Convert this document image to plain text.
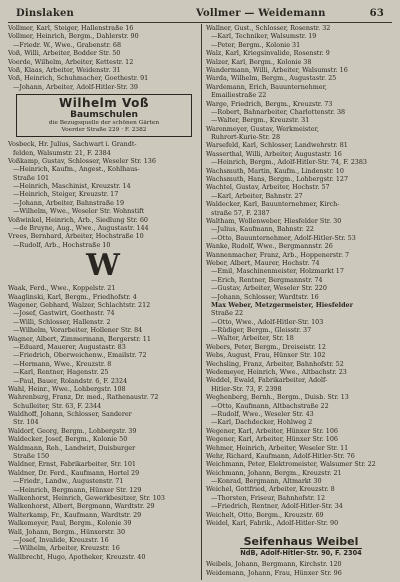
Dinslaken	Vollmer — Weidemann	63
Vollmer, Karl, Steiger, Hallenstraße 16
Vollmer, Heinrich, Bergm., Dahlerstr. 90
—Friedr. W., Wwe., Grabenstr. 68
Voß, Willi, Arbeiter, Bodder Str. 50
Voerde, Wilhelm, Arbeiter, Kettestr. 12
Voß, Klaas, Arbeiter, Weidenstr. 31
Voß, Heinrich, Schuhmacher, Goethestr. 91
—Johann, Arbeiter, Adolf-Hitler-Str. 39
Wilhelm Voß
Baumschulen
die Bezugsquelle der schönen Gärten
Voerder Straße 229 · F. 2382
Vosbeck, Hr. Julius, Sachwart i. Grandt-
felden, Walsumstr. 21, F. 2384
Voßkamp, Gustav, Schlosser, Weseler Str. 136
—Heinrich, Kaufm., Angest., Kohlhaus-
Straße 101
—Heinrich, Maschinist, Kreuzstr. 14
—Heinrich, Steiger, Kreuzstr. 17
—Johann, Arbeiter, Bahnstraße 19
—Wilhelm, Wwe., Weseler Str. Wohnstift
Voßwinkel, Heinrich, Arb., Siedlung Str. 60
—de Bruyne, Aug., Wwe., Augustastr. 144
Vrees, Bernhard, Arbeiter, Hochstraße 10
—Rudolf, Arb., Hochstraße 10
W
Waak, Ferd., Wwe., Koppelstr. 21
Waaglinski, Karl, Bergm., Friedhofstr. 4
Wagener, Gebhard, Walzer, Schlachtstr. 212
—Josef, Gastwirt, Goethestr. 74
—Willi, Schlosser, Hallenstr. 2
—Wilhelm, Vorarbeiter, Hollener Str. 84
Wagner, Albert, Zimmermann, Bergerstr. 11
—Eduard, Mauerer, Augustastr. 83
—Friedrich, Oberweichenw., Emailstr. 72
—Hermann, Wwe., Kreuzstr. 8
—Karl, Rentner, Hagenstr. 25
—Paul, Bauer, Rolandstr. 6, F. 2324
Wahl, Heinr., Wwe., Lohbergstr. 108
Wahrenburg, Franz, Dr. med., Rathenaustr. 72
Schulleiter, Str. 63, F. 2344
Waldhoff, Johann, Schlosser, Sanderer
Str. 104
Waldorf, Georg, Bergm., Lohbergstr. 39
Waldecker, Josef, Bergm., Kolonie 50
Waldmann, Reh., Landwirt, Duisburger
Straße 150
Waldner, Ernst, Fabrikarbeiter, Str. 101
Waldner, Dr. Ferd., Kaufmann, Hortel 29
—Friedr., Landw., Augustenstr. 71
—Heinrich, Bergmann, Hünxer Str. 129
Walkenhorst, Heinrich, Gewerkbesitzer, Str. 103
Walkenhorst, Albert, Bergmann, Wardtstr. 29
Walterkamp, Fr., Kaufmann, Wardtstr. 29
Walkemeyer, Paul, Bergm., Kolonie 39
Wall, Johann, Bergm., Hünxerstr. 30
—Josef, Invalide, Kreuzstr. 16
—Wilhelm, Arbeiter, Kreuzstr. 16
Wallbrecht, Hugo, Apotheker, Kreuzstr. 40
Wallner, Gust., Schlosser, Rosenstr. 32
—Karl, Techniker, Walsumstr. 19
—Peter, Bergm., Kolonie 31
Walz, Karl, Kriegsinvalide, Rosenstr. 9
Walzer, Karl, Bergm., Kolonie 38
Wandermann, Willi, Arbeiter, Walsumstr. 16
Warda, Wilhelm, Bergm., Augustastr. 25
Wardemann, Erich, Bauunternehmer,
Emailiestraße 22
Warge, Friedrich, Bergm., Kreuzstr. 73
—Robert, Bahnarbeiter, Charlottenstr. 38
—Walter, Bergm., Kreuzstr. 31
Warenmeyer, Gustav, Werkmeister,
Ruhrort-Kurie-Str. 28
Warsefeld, Karl, Schlosser, Landwehrstr. 81
Wasserthal, Willi, Arbeiter, Augustastr. 16
—Heinrich, Bergm., Adolf-Hitler-Str. 74, F. 2383
Wachsmuth, Martin, Kaufm., Lindenstr. 10
Wachsmuth, Hans, Bergm., Lohbergstr. 127
Wachtel, Gustav, Arbeiter, Hochstr. 57
—Karl, Arbeiter, Bahnstr. 27
Waldecker, Karl, Bauunternehmer, Kirch-
straße 57, F. 2387
Waltham, Wollenweber, Hiesfelder Str. 30
—Julius, Kaufmann, Bahnstr. 22
—Otto, Bauunternehmer, Adolf-Hitler-Str. 53
Wanke, Rudolf, Wwe., Bergmannstr. 26
Wannenmacher, Franz, Arb., Hoppenerstr. 7
Weber, Albert, Maurer, Hochstr. 74
—Emil, Maschinenmeister, Holzmarkt 17
—Erich, Rentner, Bergmannstr. 74
—Gustav, Arbeiter, Weseler Str. 220
—Johann, Schlosser, Wardtstr. 16
Max Weber, Metzgermeister, Hiesfelder
Straße 22
—Otto, Wwe., Adolf-Hitler-Str. 103
—Rüdiger, Bergm., Gleisstr. 37
—Walter, Arbeiter, Str. 18
Webers, Peter, Bergm., Dreiseistr. 12
Webs, August, Frau, Hünxer Str. 102
Wechsling, Franz, Arbeiter, Bahnhofstr. 52
Wedemeyer, Heinrich, Wwe., Altbachstr. 23
Weddel, Ewald, Fabrikarbeiter, Adolf-
Hitler-Str. 73, F. 2398
Weghenberg, Bernh., Bergm., Duisb. Str. 13
—Otto, Kaufmann, Altbachstraße 22
—Rudolf, Wwe., Weseler Str. 43
—Karl, Dachdecker, Hohlweg 2
Wegener, Karl, Arbeiter, Hünxer Str. 106
Wegener, Karl, Arbeiter, Hünxer Str. 106
Wehmer, Heinrich, Arbeiter, Weseler Str. 11
Wehr, Richard, Kaufmann, Adolf-Hitler-Str. 76
Weichmann, Peter, Elektromeister, Walsumer Str. 22
Weichmann, Johann, Bergm., Kreuzstr. 21
—Konrad, Bergmann, Altmarkt 30
Weichel, Gottfried, Arbeiter, Kreuzstr. 8
—Thorsten, Friseur, Bahnhofstr. 12
—Friedrich, Rentner, Adolf-Hitler-Str. 34
Weichelt, Otto, Bergm., Kreuzstr. 69
Weidel, Karl, Fabrik., Adolf-Hitler-Str. 90
Seifenhaus Weibel
NdB, Adolf-Hitler-Str. 90, F. 2304
Weibels, Johann, Bergmann, Kirchstr. 120
Weidemann, Johann, Frau, Hünxer Str. 96
